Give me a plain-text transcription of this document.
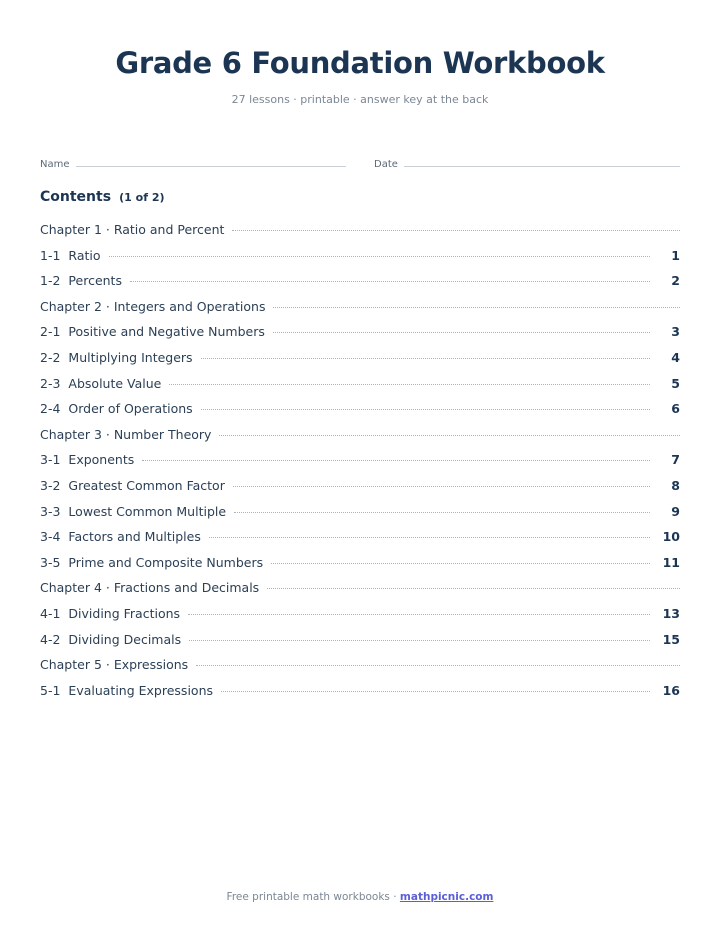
Grade 6 Foundation Workbook
27 lessons · printable · answer key at the back
Name	Date
Contents (1 of 2)
Chapter 1 · Ratio and Percent
1-1 Ratio	1
1-2 Percents	2
Chapter 2 · Integers and Operations
2-1 Positive and Negative Numbers	3
2-2 Multiplying Integers	4
2-3 Absolute Value	5
2-4 Order of Operations	6
Chapter 3 · Number Theory
3-1 Exponents	7
3-2 Greatest Common Factor	8
3-3 Lowest Common Multiple	9
3-4 Factors and Multiples	10
3-5 Prime and Composite Numbers	11
Chapter 4 · Fractions and Decimals
4-1 Dividing Fractions	13
4-2 Dividing Decimals	15
Chapter 5 · Expressions
5-1 Evaluating Expressions	16
Free printable math workbooks · mathpicnic.com
